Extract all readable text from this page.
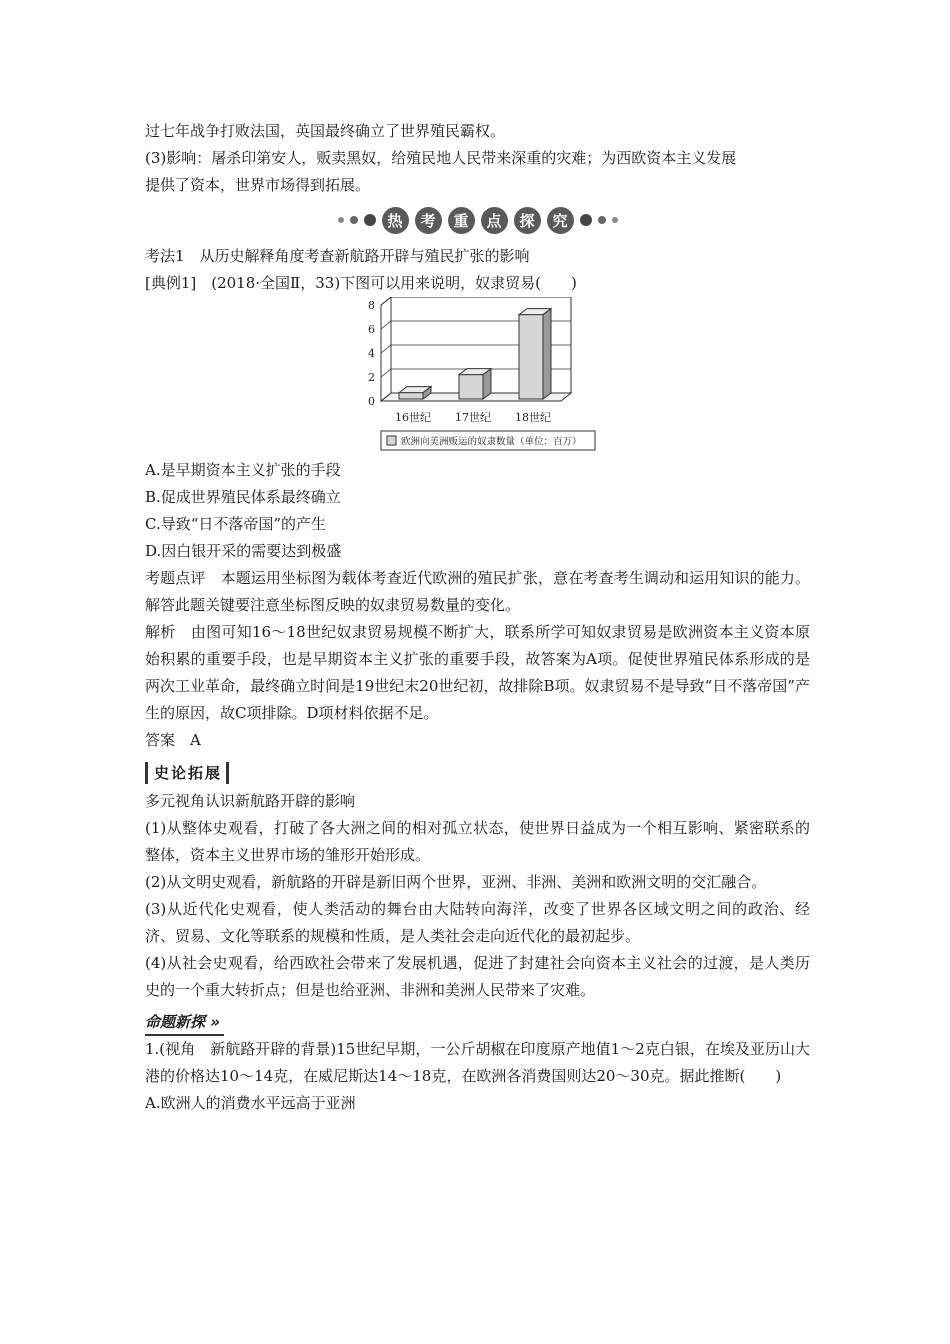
过七年战争打败法国，英国最终确立了世界殖民霸权。

(3)影响：屠杀印第安人，贩卖黑奴，给殖民地人民带来深重的灾难；为西欧资本主义发展

提供了资本，世界市场得到拓展。

热	考	重	点	探	究

考法1　从历史解释角度考查新航路开辟与殖民扩张的影响

[典例1]　(2018·全国Ⅱ，33)下图可以用来说明，奴隶贸易(　　)

0
2
4
6
8
16世纪 17世纪 18世纪
欧洲向美洲贩运的奴隶数量（单位：百万）

A.是早期资本主义扩张的手段

B.促成世界殖民体系最终确立

C.导致“日不落帝国”的产生

D.因白银开采的需要达到极盛

考题点评　本题运用坐标图为载体考查近代欧洲的殖民扩张，意在考查考生调动和运用知识的能力。解答此题关键要注意坐标图反映的奴隶贸易数量的变化。

解析　由图可知16～18世纪奴隶贸易规模不断扩大，联系所学可知奴隶贸易是欧洲资本主义资本原始积累的重要手段，也是早期资本主义扩张的重要手段，故答案为A项。促使世界殖民体系形成的是两次工业革命，最终确立时间是19世纪末20世纪初，故排除B项。奴隶贸易不是导致“日不落帝国”产生的原因，故C项排除。D项材料依据不足。

答案　A

史论拓展

多元视角认识新航路开辟的影响

(1)从整体史观看，打破了各大洲之间的相对孤立状态，使世界日益成为一个相互影响、紧密联系的整体，资本主义世界市场的雏形开始形成。

(2)从文明史观看，新航路的开辟是新旧两个世界，亚洲、非洲、美洲和欧洲文明的交汇融合。

(3)从近代化史观看，使人类活动的舞台由大陆转向海洋，改变了世界各区域文明之间的政治、经济、贸易、文化等联系的规模和性质，是人类社会走向近代化的最初起步。

(4)从社会史观看，给西欧社会带来了发展机遇，促进了封建社会向资本主义社会的过渡，是人类历史的一个重大转折点；但是也给亚洲、非洲和美洲人民带来了灾难。

命题新探 »

1.(视角　新航路开辟的背景)15世纪早期，一公斤胡椒在印度原产地值1～2克白银，在埃及亚历山大港的价格达10～14克，在威尼斯达14～18克，在欧洲各消费国则达20～30克。据此推断(　　)

A.欧洲人的消费水平远高于亚洲
